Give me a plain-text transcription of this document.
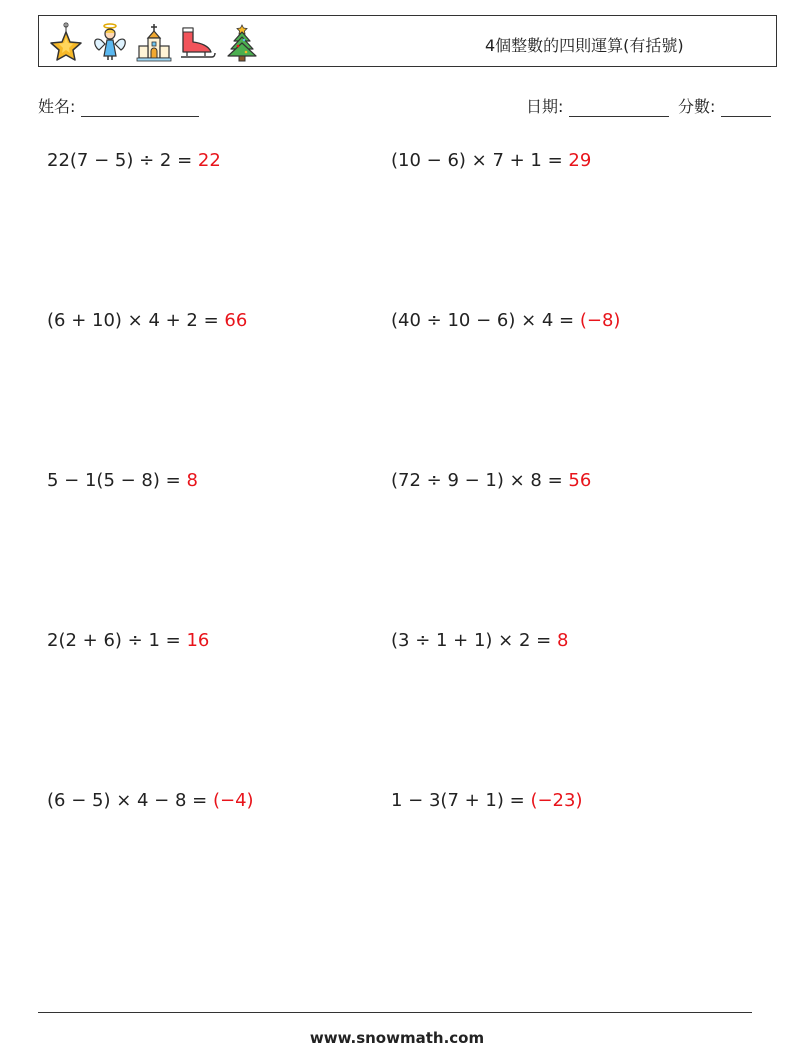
4個整數的四則運算(有括號)
姓名:	日期:	分數:
22(7 − 5) ÷ 2 = 22	(10 − 6) × 7 + 1 = 29
(6 + 10) × 4 + 2 = 66	(40 ÷ 10 − 6) × 4 = (−8)
5 − 1(5 − 8) = 8	(72 ÷ 9 − 1) × 8 = 56
2(2 + 6) ÷ 1 = 16	(3 ÷ 1 + 1) × 2 = 8
(6 − 5) × 4 − 8 = (−4)	1 − 3(7 + 1) = (−23)
www.snowmath.com
